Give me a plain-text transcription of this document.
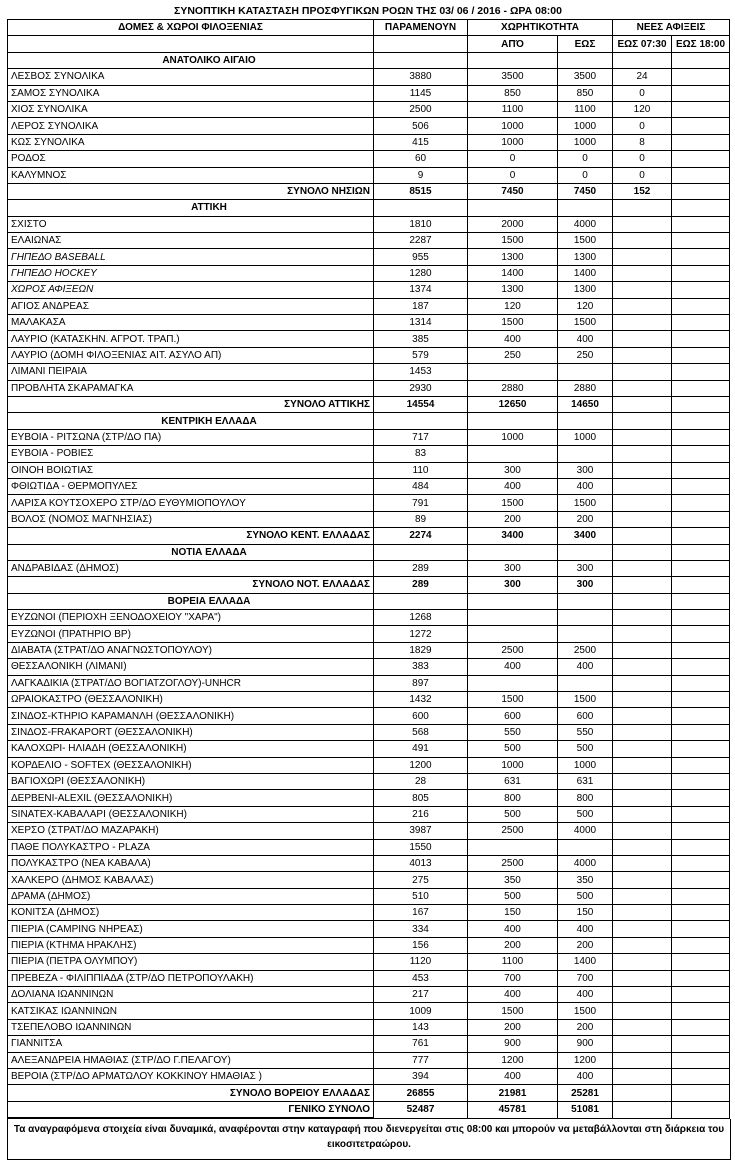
ΣΥΝΟΠΤΙΚΗ ΚΑΤΑΣΤΑΣΗ ΠΡΟΣΦΥΓΙΚΩΝ ΡΟΩΝ ΤΗΣ 03/ 06 / 2016 - ΩΡΑ 08:00
ΔΟΜΕΣ & ΧΩΡΟΙ ΦΙΛΟΞΕΝΙΑΣ	ΠΑΡΑΜΕΝΟΥΝ	ΧΩΡΗΤΙΚΟΤΗΤΑ		ΝΕΕΣ ΑΦΙΞΕΙΣ	
		ΑΠΌ	ΕΩΣ	ΕΩΣ 07:30	ΕΩΣ 18:00
ΑΝΑΤΟΛΙΚΟ ΑΙΓΑΙΟ					
ΛΕΣΒΟΣ ΣΥΝΟΛΙΚΑ	3880	3500	3500	24	
ΣΑΜΟΣ ΣΥΝΟΛΙΚΑ	1145	850	850	0	
ΧΙΟΣ ΣΥΝΟΛΙΚΑ	2500	1100	1100	120	
ΛΕΡΟΣ ΣΥΝΟΛΙΚΑ	506	1000	1000	0	
ΚΩΣ ΣΥΝΟΛΙΚΑ	415	1000	1000	8	
ΡΟΔΟΣ	60	0	0	0	
ΚΑΛΥΜΝΟΣ	9	0	0	0	
ΣΥΝΟΛΟ ΝΗΣΙΩΝ	8515	7450	7450	152	
ΑΤΤΙΚΗ					
ΣΧΙΣΤΟ	1810	2000	4000		
ΕΛΑΙΩΝΑΣ	2287	1500	1500		
ΓΗΠΕΔΟ BASEBALL	955	1300	1300		
ΓΗΠΕΔΟ HOCKEY	1280	1400	1400		
ΧΩΡΟΣ ΑΦΙΞΕΩΝ	1374	1300	1300		
ΑΓΙΟΣ ΑΝΔΡΕΑΣ	187	120	120		
ΜΑΛΑΚΑΣΑ	1314	1500	1500		
ΛΑΥΡΙΟ (ΚΑΤΑΣΚΗΝ. ΑΓΡΟΤ. ΤΡΑΠ.)	385	400	400		
ΛΑΥΡΙΟ (ΔΟΜΗ ΦΙΛΟΞΕΝΙΑΣ ΑΙΤ. ΑΣΥΛΟ ΑΠ)	579	250	250		
ΛΙΜΑΝΙ ΠΕΙΡΑΙΑ	1453				
ΠΡΟΒΛΗΤΑ ΣΚΑΡΑΜΑΓΚΑ	2930	2880	2880		
ΣΥΝΟΛΟ ΑΤΤΙΚΗΣ	14554	12650	14650		
ΚΕΝΤΡΙΚΗ ΕΛΛΑΔΑ					
ΕΥΒΟΙΑ - ΡΙΤΣΩΝΑ (ΣΤΡ/ΔΟ ΠΑ)	717	1000	1000		
ΕΥΒΟΙΑ - ΡΟΒΙΕΣ	83				
ΟΙΝΟΗ ΒΟΙΩΤΙΑΣ	110	300	300		
ΦΘΙΩΤΙΔΑ - ΘΕΡΜΟΠΥΛΕΣ	484	400	400		
ΛΑΡΙΣΑ ΚΟΥΤΣΟΧΕΡΟ ΣΤΡ/ΔΟ ΕΥΘΥΜΙΟΠΟΥΛΟΥ	791	1500	1500		
ΒΟΛΟΣ (ΝΟΜΟΣ ΜΑΓΝΗΣΙΑΣ)	89	200	200		
ΣΥΝΟΛΟ ΚΕΝΤ. ΕΛΛΑΔΑΣ	2274	3400	3400		
ΝΟΤΙΑ ΕΛΛΑΔΑ					
ΑΝΔΡΑΒΙΔΑΣ (ΔΗΜΟΣ)	289	300	300		
ΣΥΝΟΛΟ ΝΟΤ. ΕΛΛΑΔΑΣ	289	300	300		
ΒΟΡΕΙΑ ΕΛΛΑΔΑ					
ΕΥΖΩΝΟΙ (ΠΕΡΙΟΧΗ ΞΕΝΟΔΟΧΕΙΟΥ "ΧΑΡΑ")	1268				
ΕΥΖΩΝΟΙ (ΠΡΑΤΗΡΙΟ ΒΡ)	1272				
ΔΙΑΒΑΤΑ (ΣΤΡΑΤ/ΔΟ ΑΝΑΓΝΩΣΤΟΠΟΥΛΟΥ)	1829	2500	2500		
ΘΕΣΣΑΛΟΝΙΚΗ (ΛΙΜΑΝΙ)	383	400	400		
ΛΑΓΚΑΔΙΚΙΑ (ΣΤΡΑΤ/ΔΟ ΒΟΓΙΑΤΖΟΓΛΟΥ)-UNHCR	897				
ΩΡΑΙΟΚΑΣΤΡΟ (ΘΕΣΣΑΛΟΝΙΚΗ)	1432	1500	1500		
ΣΙΝΔΟΣ-ΚΤΗΡΙΟ ΚΑΡΑΜΑΝΛΗ (ΘΕΣΣΑΛΟΝΙΚΗ)	600	600	600		
ΣΙΝΔΟΣ-FRAKAPORT (ΘΕΣΣΑΛΟΝΙΚΗ)	568	550	550		
ΚΑΛΟΧΩΡΙ- ΗΛΙΑΔΗ (ΘΕΣΣΑΛΟΝΙΚΗ)	491	500	500		
ΚΟΡΔΕΛΙΟ - SOFTEX (ΘΕΣΣΑΛΟΝΙΚΗ)	1200	1000	1000		
ΒΑΓΙΟΧΩΡΙ (ΘΕΣΣΑΛΟΝΙΚΗ)	28	631	631		
ΔΕΡΒΕΝΙ-ALEXIL (ΘΕΣΣΑΛΟΝΙΚΗ)	805	800	800		
SINATEX-ΚΑΒΑΛΑΡΙ (ΘΕΣΣΑΛΟΝΙΚΗ)	216	500	500		
ΧΕΡΣΟ (ΣΤΡΑΤ/ΔΟ ΜΑΖΑΡΑΚΗ)	3987	2500	4000		
ΠΑΘΕ ΠΟΛΥΚΑΣΤΡΟ - PLAZA	1550				
ΠΟΛΥΚΑΣΤΡΟ (ΝΕΑ ΚΑΒΑΛΑ)	4013	2500	4000		
ΧΑΛΚΕΡΟ (ΔΗΜΟΣ ΚΑΒΑΛΑΣ)	275	350	350		
ΔΡΑΜΑ (ΔΗΜΟΣ)	510	500	500		
ΚΟΝΙΤΣΑ (ΔΗΜΟΣ)	167	150	150		
ΠΙΕΡΙΑ (CAMPING ΝΗΡΕΑΣ)	334	400	400		
ΠΙΕΡΙΑ (ΚΤΗΜΑ ΗΡΑΚΛΗΣ)	156	200	200		
ΠΙΕΡΙΑ (ΠΕΤΡΑ ΟΛΥΜΠΟΥ)	1120	1100	1400		
ΠΡΕΒΕΖΑ - ΦΙΛΙΠΠΙΑΔΑ (ΣΤΡ/ΔΟ ΠΕΤΡΟΠΟΥΛΑΚΗ)	453	700	700		
ΔΟΛΙΑΝΑ ΙΩΑΝΝΙΝΩΝ	217	400	400		
ΚΑΤΣΙΚΑΣ ΙΩΑΝΝΙΝΩΝ	1009	1500	1500		
ΤΣΕΠΕΛΟΒΟ ΙΩΑΝΝΙΝΩΝ	143	200	200		
ΓΙΑΝΝΙΤΣΑ	761	900	900		
ΑΛΕΞΑΝΔΡΕΙΑ ΗΜΑΘΙΑΣ (ΣΤΡ/ΔΟ Γ.ΠΕΛΑΓΟΥ)	777	1200	1200		
ΒΕΡΟΙΑ (ΣΤΡ/ΔΟ ΑΡΜΑΤΩΛΟΥ ΚΟΚΚΙΝΟΥ ΗΜΑΘΙΑΣ )	394	400	400		
ΣΥΝΟΛΟ ΒΟΡΕΙΟΥ ΕΛΛΑΔΑΣ	26855	21981	25281		
ΓΕΝΙΚΟ ΣΥΝΟΛΟ	52487	45781	51081		
Τα αναγραφόμενα στοιχεία είναι δυναμικά, αναφέρονται στην καταγραφή που διενεργείται στις 08:00 και μπορούν να μεταβάλλονται στη διάρκεια του εικοσιτετραώρου.
